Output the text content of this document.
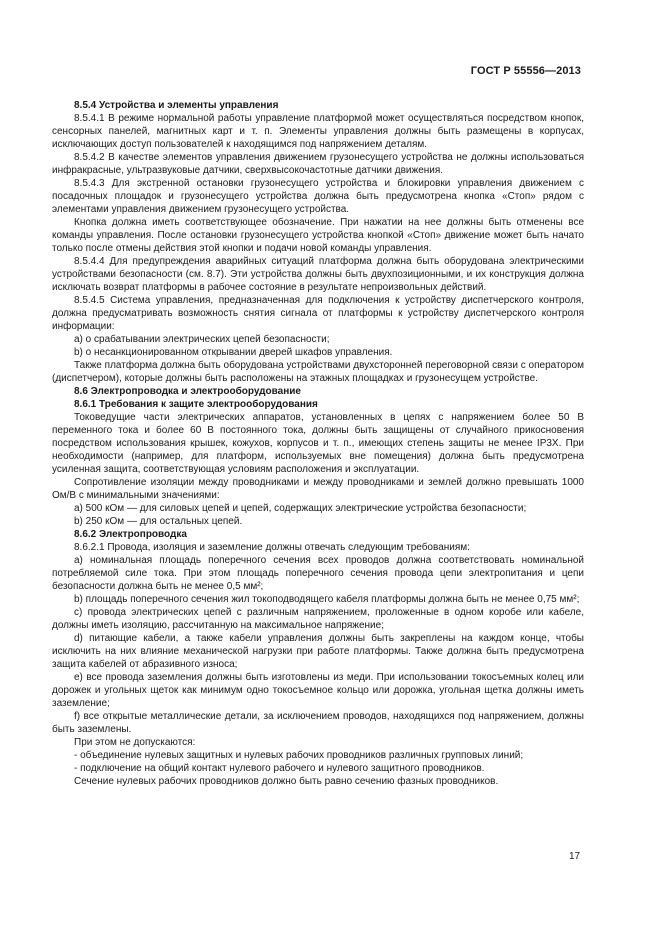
ГОСТ Р 55556—2013

8.5.4 Устройства и элементы управления

8.5.4.1 В режиме нормальной работы управление платформой может осуществляться посредством кнопок, сенсорных панелей, магнитных карт и т. п. Элементы управления должны быть размещены в корпусах, исключающих доступ пользователей к находящимся под напряжением деталям.

8.5.4.2 В качестве элементов управления движением грузонесущего устройства не должны использоваться инфракрасные, ультразвуковые датчики, сверхвысокочастотные датчики движения.

8.5.4.3 Для экстренной остановки грузонесущего устройства и блокировки управления движением с посадочных площадок и грузонесущего устройства должна быть предусмотрена кнопка «Стоп» рядом с элементами управления движением грузонесущего устройства.

Кнопка должна иметь соответствующее обозначение. При нажатии на нее должны быть отменены все команды управления. После остановки грузонесущего устройства кнопкой «Стоп» движение может быть начато только после отмены действия этой кнопки и подачи новой команды управления.

8.5.4.4 Для предупреждения аварийных ситуаций платформа должна быть оборудована электрическими устройствами безопасности (см. 8.7). Эти устройства должны быть двухпозиционными, и их конструкция должна исключать возврат платформы в рабочее состояние в результате непроизвольных действий.

8.5.4.5 Система управления, предназначенная для подключения к устройству диспетчерского контроля, должна предусматривать возможность снятия сигнала от платформы к устройству диспетчерского контроля информации:

a) о срабатывании электрических цепей безопасности;

b) о несанкционированном открывании дверей шкафов управления.

Также платформа должна быть оборудована устройствами двухсторонней переговорной связи с оператором (диспетчером), которые должны быть расположены на этажных площадках и грузонесущем устройстве.

8.6 Электропроводка и электрооборудование

8.6.1 Требования к защите электрооборудования

Токоведущие части электрических аппаратов, установленных в цепях с напряжением более 50 В переменного тока и более 60 В постоянного тока, должны быть защищены от случайного прикосновения посредством использования крышек, кожухов, корпусов и т. п., имеющих степень защиты не менее IP3X. При необходимости (например, для платформ, используемых вне помещения) должна быть предусмотрена усиленная защита, соответствующая условиям расположения и эксплуатации.

Сопротивление изоляции между проводниками и между проводниками и землей должно превышать 1000 Ом/В с минимальными значениями:

a) 500 кОм — для силовых цепей и цепей, содержащих электрические устройства безопасности;

b) 250 кОм — для остальных цепей.

8.6.2 Электропроводка

8.6.2.1 Провода, изоляция и заземление должны отвечать следующим требованиям:

a) номинальная площадь поперечного сечения всех проводов должна соответствовать номинальной потребляемой силе тока. При этом площадь поперечного сечения провода цепи электропитания и цепи безопасности должна быть не менее 0,5 мм²;

b) площадь поперечного сечения жил токоподводящего кабеля платформы должна быть не менее 0,75 мм²;

c) провода электрических цепей с различным напряжением, проложенные в одном коробе или кабеле, должны иметь изоляцию, рассчитанную на максимальное напряжение;

d) питающие кабели, а также кабели управления должны быть закреплены на каждом конце, чтобы исключить на них влияние механической нагрузки при работе платформы. Также должна быть предусмотрена защита кабелей от абразивного износа;

e) все провода заземления должны быть изготовлены из меди. При использовании токосъемных колец или дорожек и угольных щеток как минимум одно токосъемное кольцо или дорожка, угольная щетка должны иметь заземление;

f) все открытые металлические детали, за исключением проводов, находящихся под напряжением, должны быть заземлены.

При этом не допускаются:

- объединение нулевых защитных и нулевых рабочих проводников различных групповых линий;

- подключение на общий контакт нулевого рабочего и нулевого защитного проводников.

Сечение нулевых рабочих проводников должно быть равно сечению фазных проводников.

17
